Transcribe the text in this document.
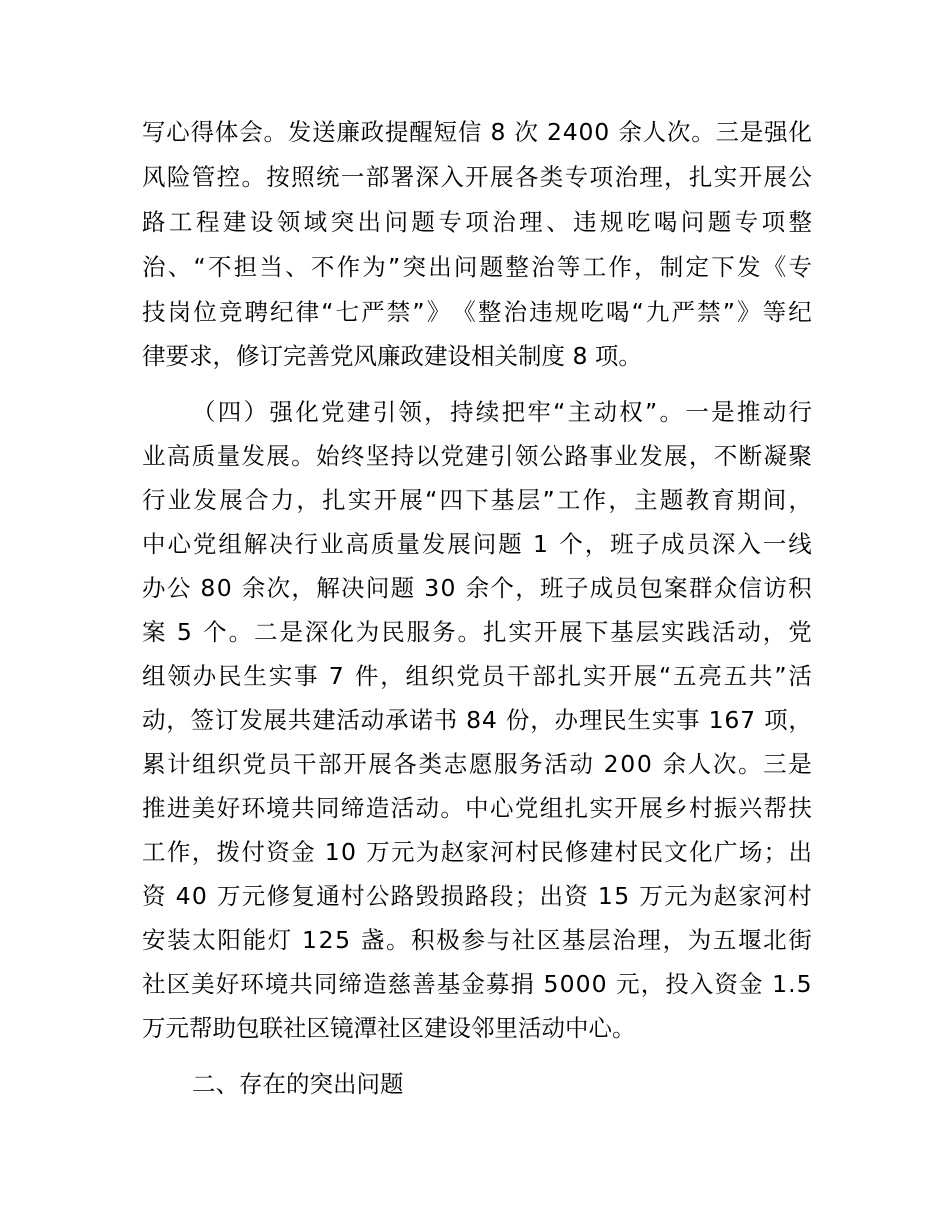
写 心 得 体 会 。 发 送 廉 政 提 醒 短 信
8
次
2 4 0 0
余 人 次 。 三 是 强 化
风 险 管 控 。 按 照 统 一 部 署 深 入 开 展 各 类 专 项 治 理 ， 扎 实 开 展 公
路 工 程 建 设 领 域 突 出 问 题 专 项 治 理 、 违 规 吃 喝 问 题 专 项 整
治 、 “ 不 担 当 、 不 作 为 ” 突 出 问 题 整 治 等 工 作 ， 制 定 下 发 《 专
技 岗 位 竞 聘 纪 律 “ 七 严 禁 ” 》 《 整 治 违 规 吃 喝 “ 九 严 禁 ” 》 等 纪
律要求，修订完善党风廉政建设相关制度 8 项。
（ 四 ） 强 化 党 建 引 领 ， 持 续 把 牢 “ 主 动 权 ” 。 一 是 推 动 行
业 高 质 量 发 展 。 始 终 坚 持 以 党 建 引 领 公 路 事 业 发 展 ， 不 断 凝 聚
行 业 发 展 合 力 ， 扎 实 开 展 “ 四 下 基 层 ” 工 作 ， 主 题 教 育 期 间 ，
中 心 党 组 解 决 行 业 高 质 量 发 展 问 题
1
个 ， 班 子 成 员 深 入 一 线
办 公
8 0
余 次 ， 解 决 问 题
3 0
余 个 ， 班 子 成 员 包 案 群 众 信 访 积
案
5
个 。 二 是 深 化 为 民 服 务 。 扎 实 开 展 下 基 层 实 践 活 动 ， 党
组 领 办 民 生 实 事
7
件 ， 组 织 党 员 干 部 扎 实 开 展 “ 五 亮 五 共 ” 活
动 ， 签 订 发 展 共 建 活 动 承 诺 书
8 4
份 ， 办 理 民 生 实 事
1 6 7
项 ，
累 计 组 织 党 员 干 部 开 展 各 类 志 愿 服 务 活 动
2 0 0
余 人 次 。 三 是
推 进 美 好 环 境 共 同 缔 造 活 动 。 中 心 党 组 扎 实 开 展 乡 村 振 兴 帮 扶
工 作 ， 拨 付 资 金
1 0
万 元 为 赵 家 河 村 民 修 建 村 民 文 化 广 场 ； 出
资
4 0
万 元 修 复 通 村 公 路 毁 损 路 段 ； 出 资
1 5
万 元 为 赵 家 河 村
安 装 太 阳 能 灯
1 2 5
盏 。 积 极 参 与 社 区 基 层 治 理 ， 为 五 堰 北 街
社 区 美 好 环 境 共 同 缔 造 慈 善 基 金 募 捐
5 0 0 0
元 ， 投 入 资 金
1 . 5
万元帮助包联社区镜潭社区建设邻里活动中心。
二、存在的突出问题
